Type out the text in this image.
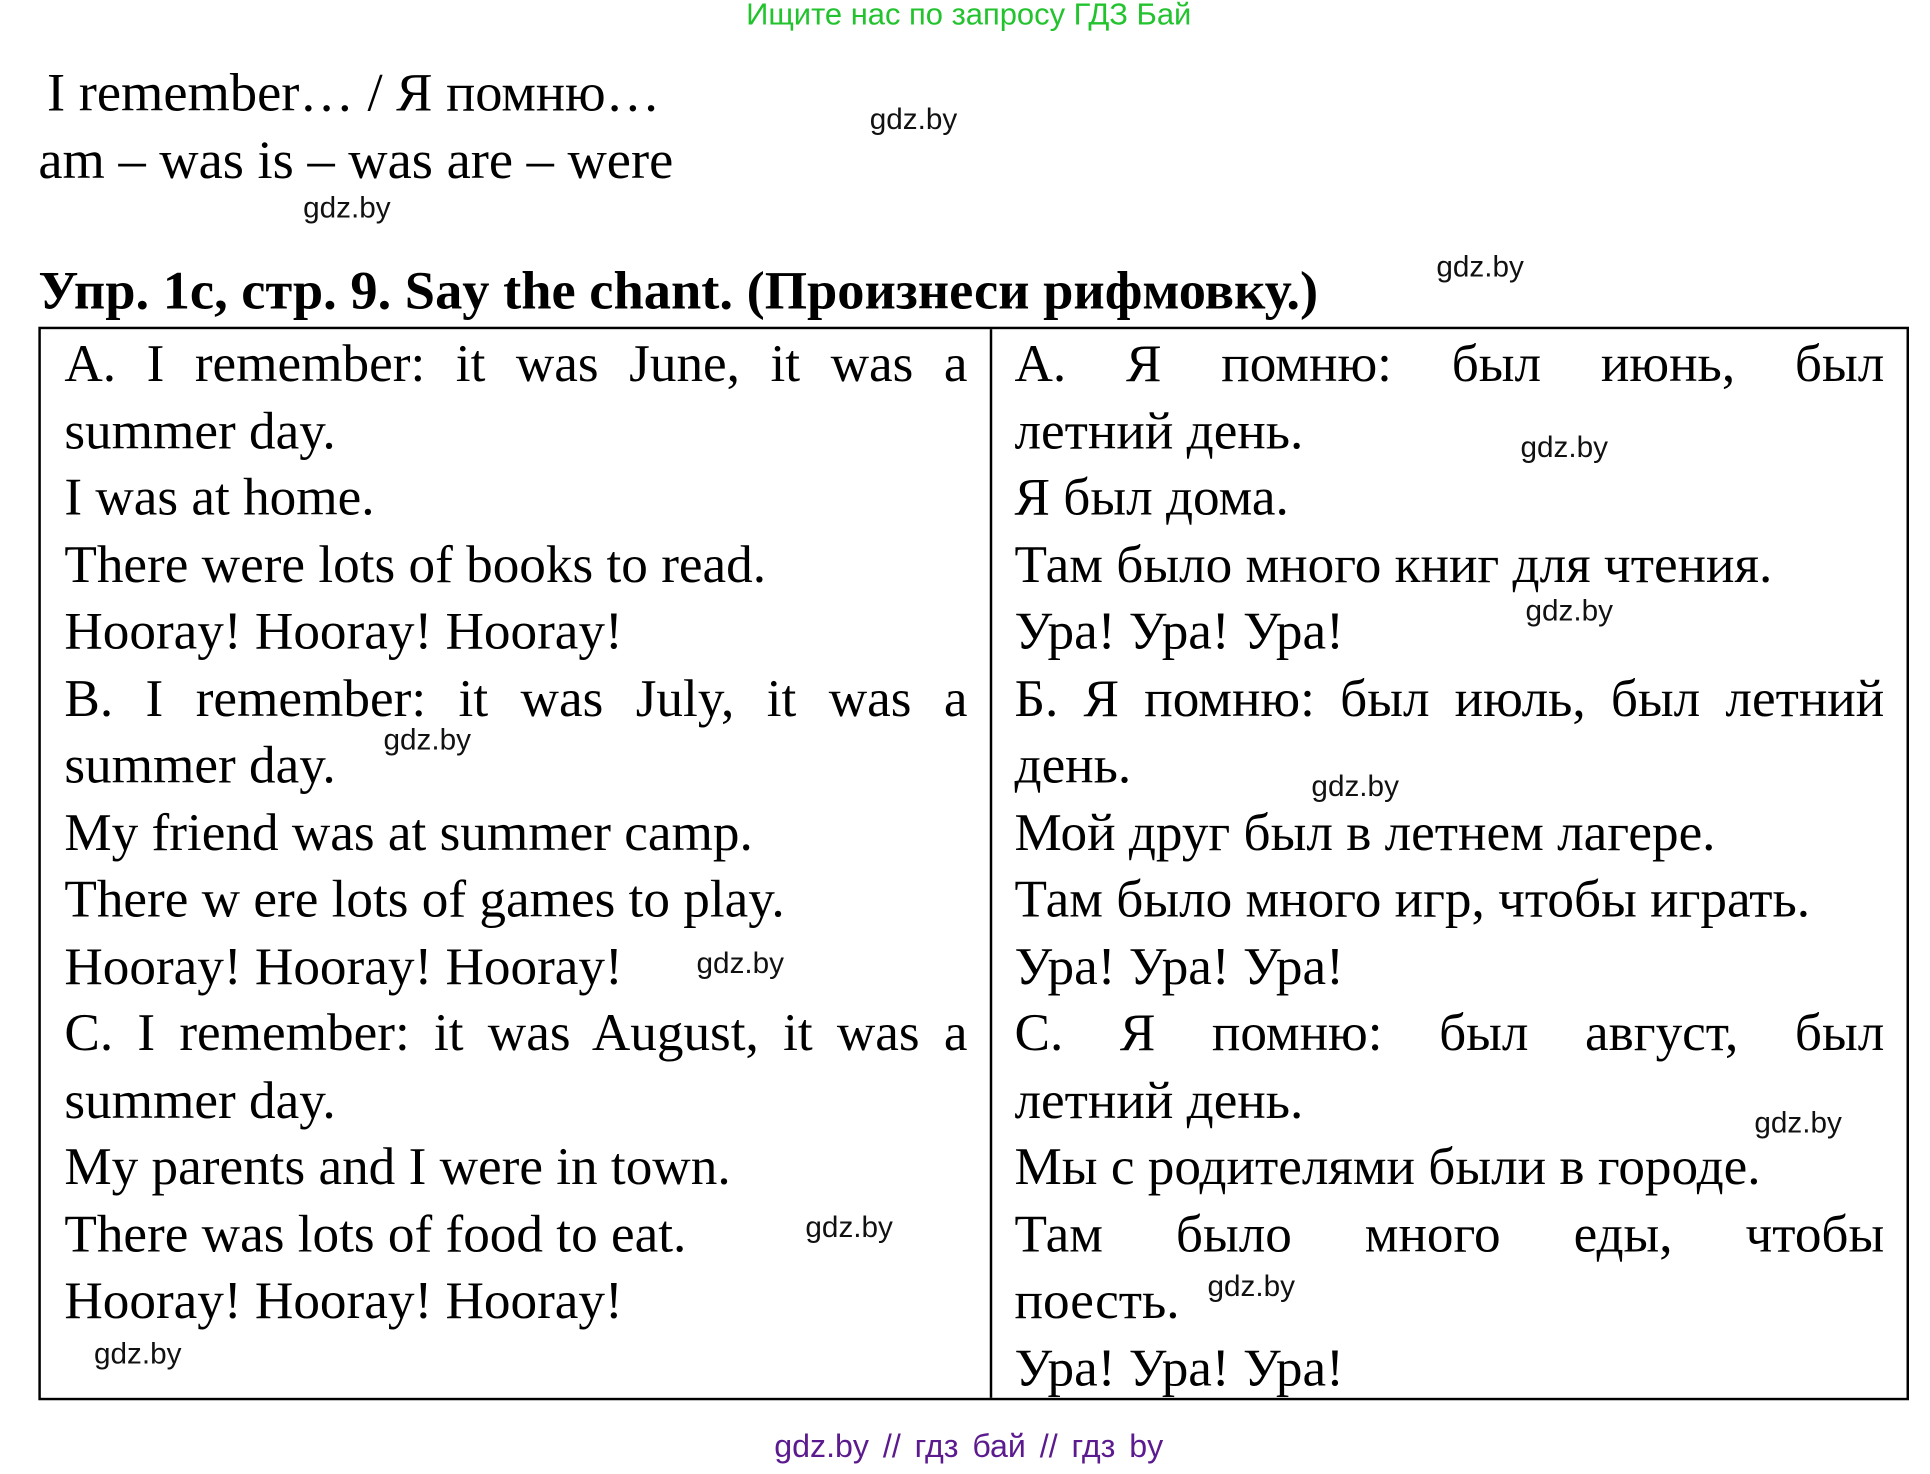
Ищите нас по запросу ГДЗ Бай
I remember… / Я помню…
am – was is – was are – were
Упр. 1c, стр. 9. Say the chant. (Произнеси рифмовку.)
A. I remember: it was June, it was a
summer day.
I was at home.
There were lots of books to read.
Hooray! Hooray! Hooray!
B. I remember: it was July, it was a
summer day.
My friend was at summer camp.
There w ere lots of games to play.
Hooray! Hooray! Hooray!
C. I remember: it was August, it was a
summer day.
My parents and I were in town.
There was lots of food to eat.
Hooray! Hooray! Hooray!
А. Я помню: был июнь, был
летний день.
Я был дома.
Там было много книг для чтения.
Ура! Ура! Ура!
Б. Я помню: был июль, был летний
день.
Мой друг был в летнем лагере.
Там было много игр, чтобы играть.
Ура! Ура! Ура!
С. Я помню: был август, был
летний день.
Мы с родителями были в городе.
Там было много еды, чтобы
поесть.
Ура! Ура! Ура!
gdz.by
gdz.by
gdz.by
gdz.by
gdz.by
gdz.by
gdz.by
gdz.by
gdz.by
gdz.by
gdz.by
gdz.by
gdz.by // гдз бай // гдз by
